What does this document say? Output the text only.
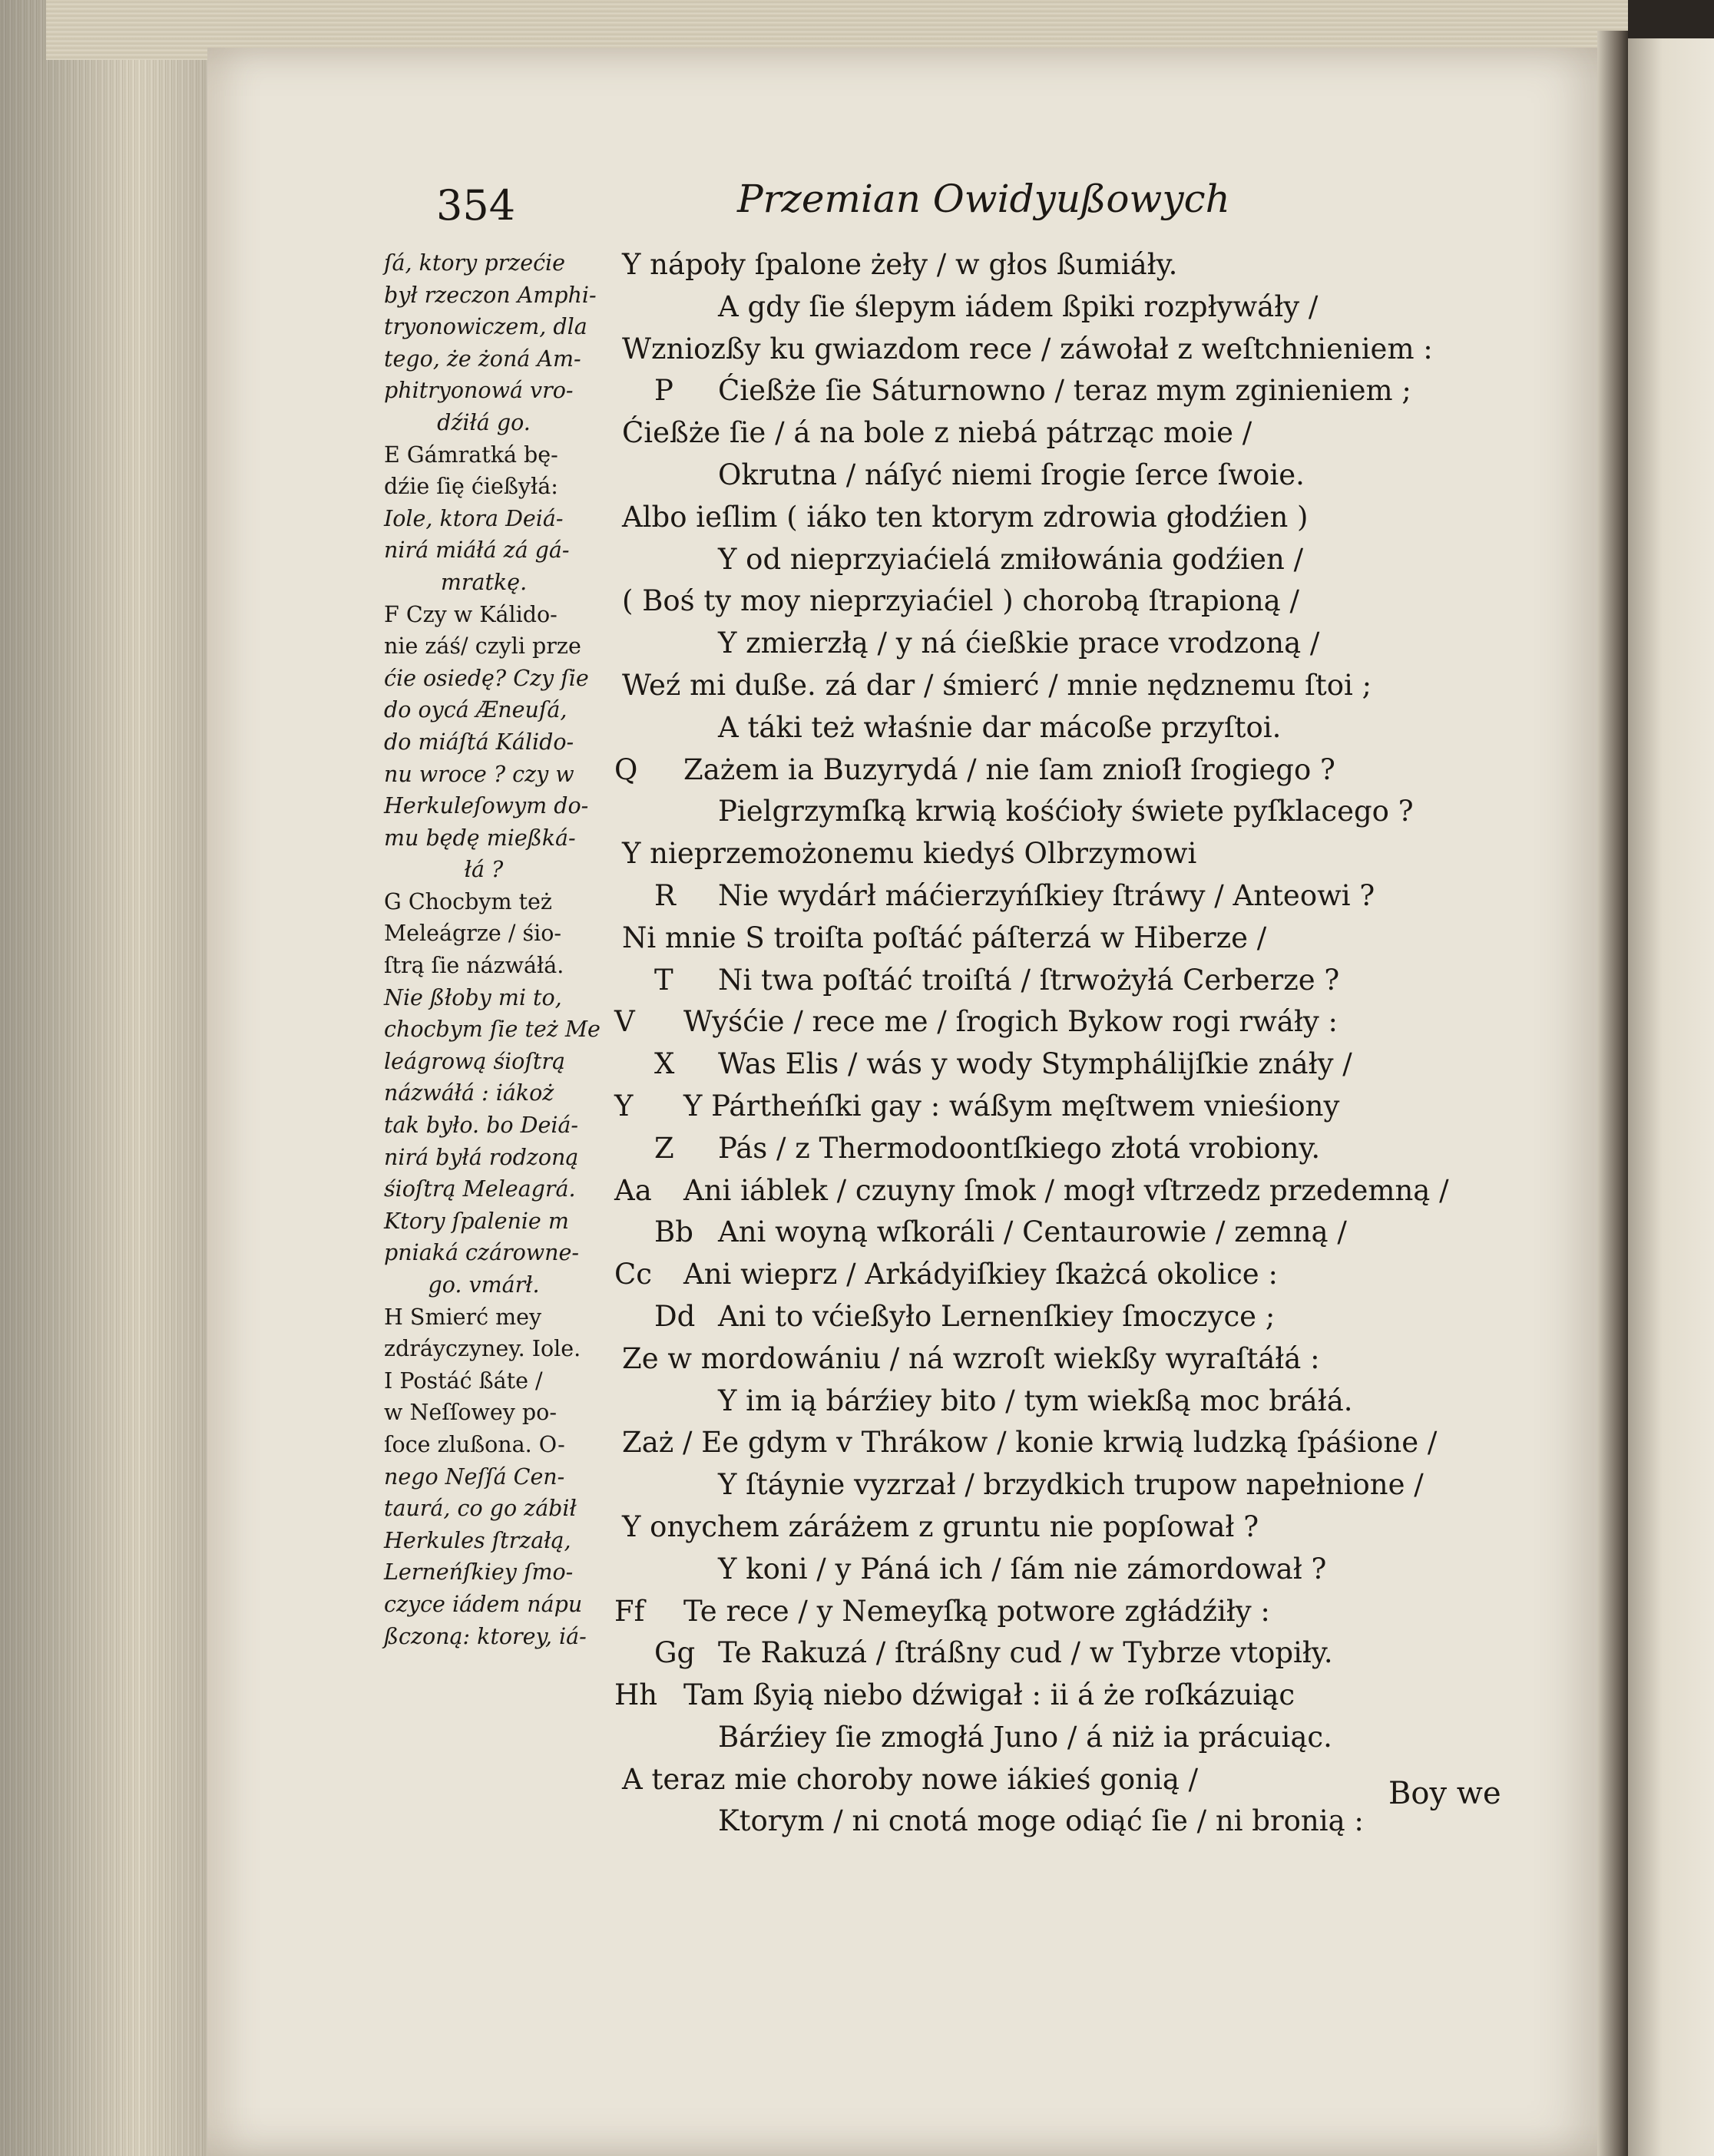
354	Przemian Owidyußowych
ſá, ktory przećie
był rzeczon Amphi-
tryonowiczem, dla
tego, że żoná Am-
phitryonowá vro-
dźiłá go.
E Gámratká bę-
dźie ſię ćießyłá:
Iole, ktora Deiá-
nirá miáłá zá gá-
mratkę.
F Czy w Kálido-
nie záś/ czyli prze
ćie osiedę? Czy ſie
do oycá Æneuſá,
do miáſtá Kálido-
nu wroce ? czy w
Herkuleſowym do-
mu będę mießká-
łá ?
G Chocbym też
Meleágrze / śio-
ſtrą ſie názwáłá.
Nie ßłoby mi to,
chocbym ſie też Me
leágrową śioſtrą
názwáłá : iákoż
tak było. bo Deiá-
nirá byłá rodzoną
śioſtrą Meleagrá.
Ktory ſpalenie m
pniaká czárowne-
go. vmárł.
H Smierć mey
zdráyczyney. Iole.
I Postáć ßáte /
w Neſſowey po-
ſoce zlußona. O-
nego Neſſá Cen-
taurá, co go zábił
Herkules ſtrzałą,
Lerneńſkiey ſmo-
czyce iádem nápu
ßczoną: ktorey, iá-
Y nápoły ſpalone żeły / w głos ßumiáły.
A gdy ſie ślepym iádem ßpiki rozpływáły /
Wzniozßy ku gwiazdom rece / záwołał z weſtchnieniem :
P	Ćießże ſie Sáturnowno / teraz mym zginieniem ;
Ćießże ſie / á na bole z niebá pátrząc moie /
Okrutna / náſyć niemi ſrogie ſerce ſwoie.
Albo ieſlim ( iáko ten ktorym zdrowia głodźien )
Y od nieprzyiaćielá zmiłowánia godźien /
( Boś ty moy nieprzyiaćiel ) chorobą ſtrapioną /
Y zmierzłą / y ná ćießkie prace vrodzoną /
Weź mi duße. zá dar / śmierć / mnie nędznemu ſtoi ;
A táki też właśnie dar mácoße przyſtoi.
Q	Zażem ia Buzyrydá / nie ſam znioſł ſrogiego ?
Pielgrzymſką krwią kośćioły świete pyſklacego ?
Y nieprzemożonemu kiedyś Olbrzymowi
R	Nie wydárł máćierzyńſkiey ſtráwy / Anteowi ?
Ni mnie S troiſta poſtáć páſterzá w Hiberze /
T	Ni twa poſtáć troiſtá / ſtrwożyłá Cerberze ?
V	Wyśćie / rece me / ſrogich Bykow rogi rwáły :
X	Was Elis / wás y wody Stymphálijſkie znáły /
Y	Y Pártheńſki gay : wáßym męſtwem vnieśiony
Z	Pás / z Thermodoontſkiego złotá vrobiony.
Aa	Ani iáblek / czuyny ſmok / mogł vſtrzedz przedemną /
Bb Ani woyną wſkoráli / Centaurowie / zemną /
Cc	Ani wieprz / Arkádyiſkiey ſkażcá okolice :
Dd Ani to vćießyło Lernenſkiey ſmoczyce ;
Ze w mordowániu / ná wzroſt wiekßy wyraſtáłá :
Y im ią bárźiey bito / tym wiekßą moc bráłá.
Zaż / Ee gdym v Thrákow / konie krwią ludzką ſpáśione /
Y ſtáynie vyzrzał / brzydkich trupow napełnione /
Y onychem záráżem z gruntu nie popſował ?
Y koni / y Páná ich / ſám nie zámordował ?
Ff	Te rece / y Nemeyſką potwore zgłádźiły :
Gg Te Rakuzá / ſtráßny cud / w Tybrze vtopiły.
Hh Tam ßyią niebo dźwigał : ii á że roſkázuiąc
Bárźiey ſie zmogłá Juno / á niż ia prácuiąc.
A teraz mie choroby nowe iákieś gonią /
Ktorym / ni cnotá moge odiąć ſie / ni bronią :
Boy we
